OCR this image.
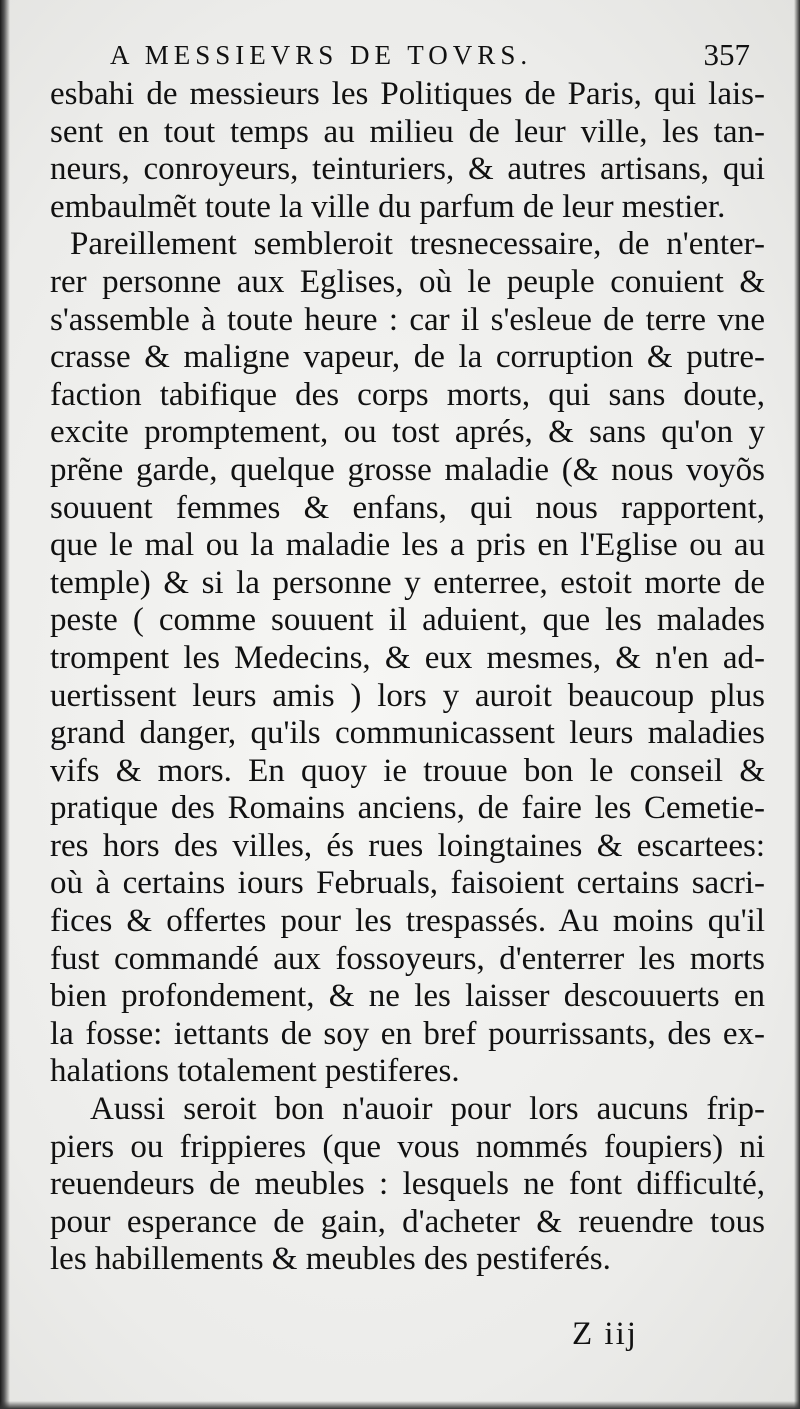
A MESSIEVRS DE TOVRS.	357
esbahi de messieurs les Politiques de Paris, qui lais-
sent en tout temps au milieu de leur ville, les tan-
neurs, conroyeurs, teinturiers, & autres artisans, qui
embaulmẽt toute la ville du parfum de leur mestier.
Pareillement sembleroit tresnecessaire, de n'enter-
rer personne aux Eglises, où le peuple conuient &
s'assemble à toute heure : car il s'esleue de terre vne
crasse & maligne vapeur, de la corruption & putre-
faction tabifique des corps morts, qui sans doute,
excite promptement, ou tost aprés, & sans qu'on y
prẽne garde, quelque grosse maladie (& nous voyõs
souuent femmes & enfans, qui nous rapportent,
que le mal ou la maladie les a pris en l'Eglise ou au
temple) & si la personne y enterree, estoit morte de
peste ( comme souuent il aduient, que les malades
trompent les Medecins, & eux mesmes, & n'en ad-
uertissent leurs amis ) lors y auroit beaucoup plus
grand danger, qu'ils communicassent leurs maladies
vifs & mors. En quoy ie trouue bon le conseil &
pratique des Romains anciens, de faire les Cemetie-
res hors des villes, és rues loingtaines & escartees:
où à certains iours Februals, faisoient certains sacri-
fices & offertes pour les trespassés. Au moins qu'il
fust commandé aux fossoyeurs, d'enterrer les morts
bien profondement, & ne les laisser descouuerts en
la fosse: iettants de soy en bref pourrissants, des ex-
halations totalement pestiferes.
Aussi seroit bon n'auoir pour lors aucuns frip-
piers ou frippieres (que vous nommés foupiers) ni
reuendeurs de meubles : lesquels ne font difficulté,
pour esperance de gain, d'acheter & reuendre tous
les habillements & meubles des pestiferés.
Z iij
